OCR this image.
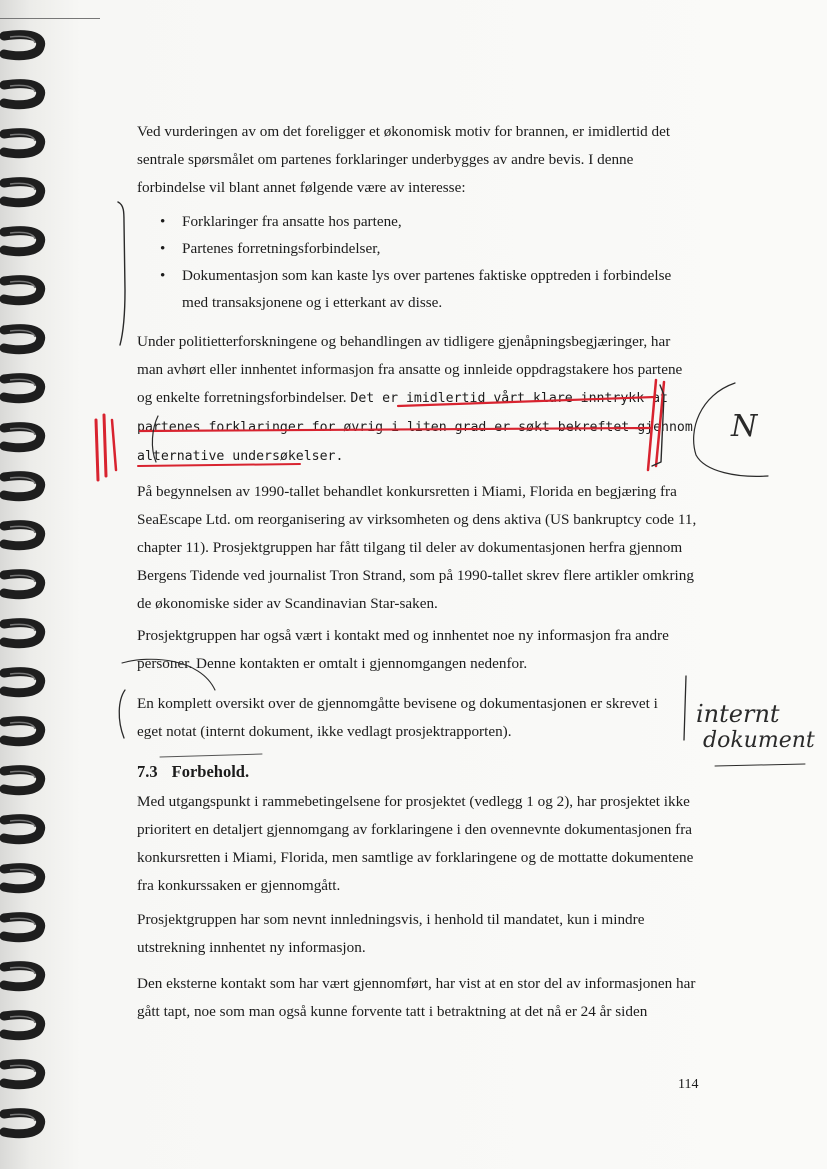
Ved vurderingen av om det foreligger et økonomisk motiv for brannen, er imidlertid det sentrale spørsmålet om partenes forklaringer underbygges av andre bevis. I denne forbindelse vil blant annet følgende være av interesse:

• Forklaringer fra ansatte hos partene,
• Partenes forretningsforbindelser,
• Dokumentasjon som kan kaste lys over partenes faktiske opptreden i forbindelse med transaksjonene og i etterkant av disse.

Under politietterforskningene og behandlingen av tidligere gjenåpningsbegjæringer, har man avhørt eller innhentet informasjon fra ansatte og innleide oppdragstakere hos partene og enkelte forretningsforbindelser. Det er imidlertid vårt klare inntrykk at partenes forklaringer for øvrig i liten grad er søkt bekreftet gjennom alternative undersøkelser.

På begynnelsen av 1990-tallet behandlet konkursretten i Miami, Florida en begjæring fra SeaEscape Ltd. om reorganisering av virksomheten og dens aktiva (US bankruptcy code 11, chapter 11). Prosjektgruppen har fått tilgang til deler av dokumentasjonen herfra gjennom Bergens Tidende ved journalist Tron Strand, som på 1990-tallet skrev flere artikler omkring de økonomiske sider av Scandinavian Star-saken.

Prosjektgruppen har også vært i kontakt med og innhentet noe ny informasjon fra andre personer. Denne kontakten er omtalt i gjennomgangen nedenfor.

En komplett oversikt over de gjennomgåtte bevisene og dokumentasjonen er skrevet i eget notat (internt dokument, ikke vedlagt prosjektrapporten).

7.3 Forbehold.

Med utgangspunkt i rammebetingelsene for prosjektet (vedlegg 1 og 2), har prosjektet ikke prioritert en detaljert gjennomgang av forklaringene i den ovennevnte dokumentasjonen fra konkursretten i Miami, Florida, men samtlige av forklaringene og de mottatte dokumentene fra konkurssaken er gjennomgått.

Prosjektgruppen har som nevnt innledningsvis, i henhold til mandatet, kun i mindre utstrekning innhentet ny informasjon.

Den eksterne kontakt som har vært gjennomført, har vist at en stor del av informasjonen har gått tapt, noe som man også kunne forvente tatt i betraktning at det nå er 24 år siden

114
N
internt
dokument
